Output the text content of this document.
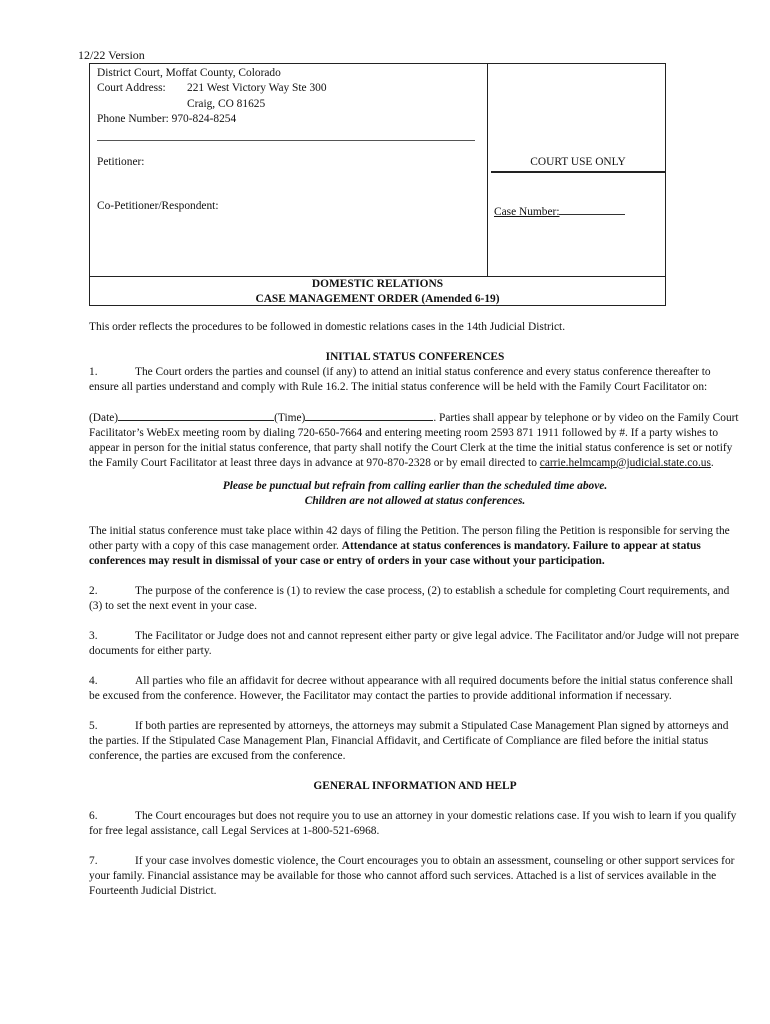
12/22 Version
District Court, Moffat County, Colorado
Court Address: 221 West Victory Way Ste 300
Craig, CO 81625
Phone Number: 970-824-8254
Petitioner:
Co-Petitioner/Respondent:
COURT USE ONLY
Case Number:
DOMESTIC RELATIONS
CASE MANAGEMENT ORDER (Amended 6-19)

This order reflects the procedures to be followed in domestic relations cases in the 14th Judicial District.

INITIAL STATUS CONFERENCES

1.	The Court orders the parties and counsel (if any) to attend an initial status conference and every status conference thereafter to ensure all parties understand and comply with Rule 16.2. The initial status conference will be held with the Family Court Facilitator on:

(Date)	(Time)	. Parties shall appear by telephone or by video on the Family Court Facilitator’s WebEx meeting room by dialing 720-650-7664 and entering meeting room 2593 871 1911 followed by #. If a party wishes to appear in person for the initial status conference, that party shall notify the Court Clerk at the time the initial status conference is set or notify the Family Court Facilitator at least three days in advance at 970-870-2328 or by email directed to carrie.helmcamp@judicial.state.co.us.

Please be punctual but refrain from calling earlier than the scheduled time above.

Children are not allowed at status conferences.

The initial status conference must take place within 42 days of filing the Petition. The person filing the Petition is responsible for serving the other party with a copy of this case management order. Attendance at status conferences is mandatory. Failure to appear at status conferences may result in dismissal of your case or entry of orders in your case without your participation.

2.	The purpose of the conference is (1) to review the case process, (2) to establish a schedule for completing Court requirements, and (3) to set the next event in your case.

3.	The Facilitator or Judge does not and cannot represent either party or give legal advice. The Facilitator and/or Judge will not prepare documents for either party.

4.	All parties who file an affidavit for decree without appearance with all required documents before the initial status conference shall be excused from the conference. However, the Facilitator may contact the parties to provide additional information if necessary.

5.	If both parties are represented by attorneys, the attorneys may submit a Stipulated Case Management Plan signed by attorneys and the parties. If the Stipulated Case Management Plan, Financial Affidavit, and Certificate of Compliance are filed before the initial status conference, the parties are excused from the conference.

GENERAL INFORMATION AND HELP

6.	The Court encourages but does not require you to use an attorney in your domestic relations case. If you wish to learn if you qualify for free legal assistance, call Legal Services at 1-800-521-6968.

7.	If your case involves domestic violence, the Court encourages you to obtain an assessment, counseling or other support services for your family. Financial assistance may be available for those who cannot afford such services. Attached is a list of services available in the Fourteenth Judicial District.
